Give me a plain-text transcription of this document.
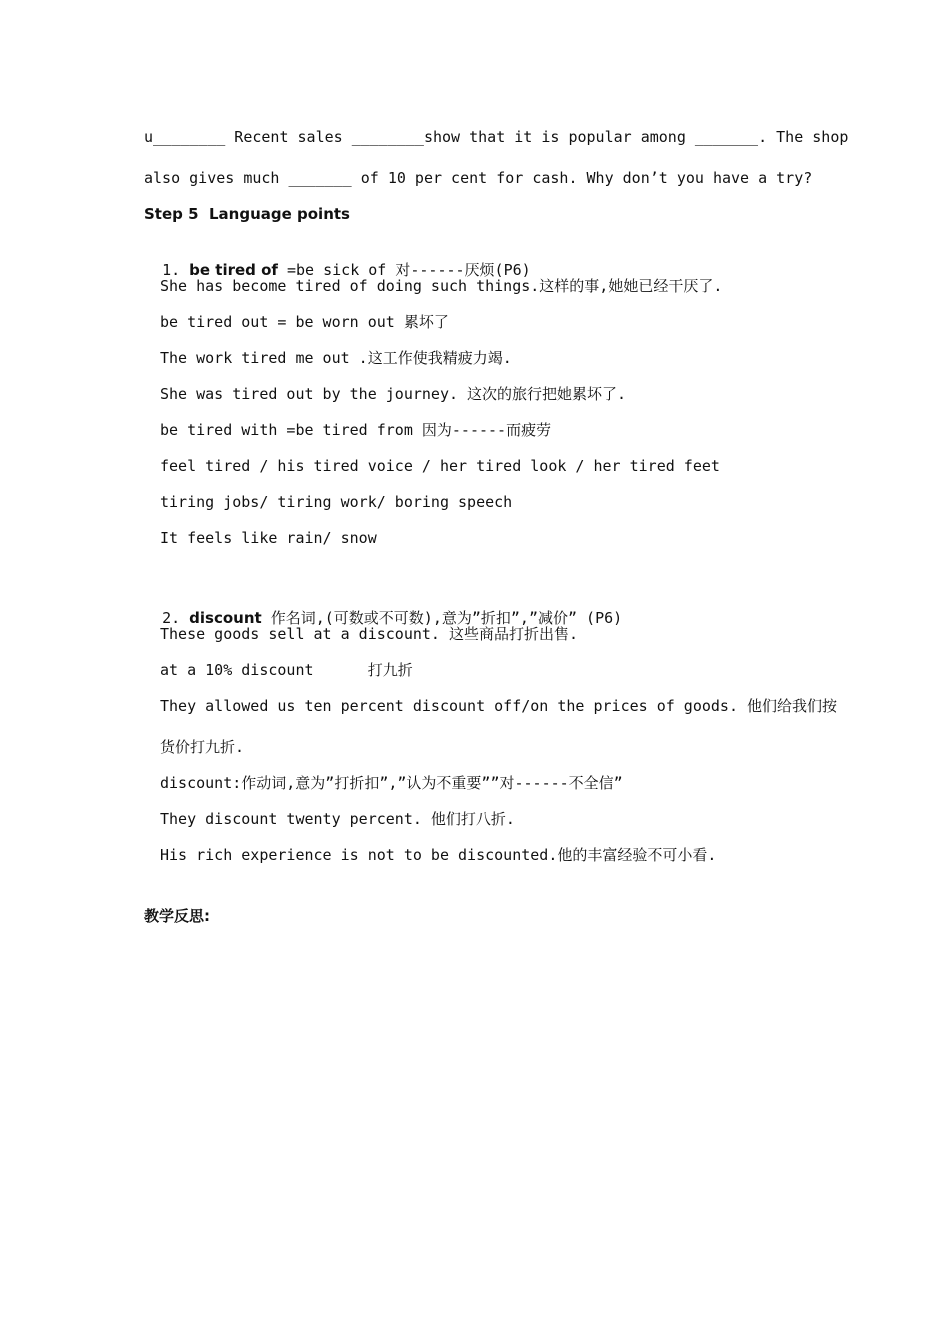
u________ Recent sales ________show that it is popular among _______. The shop
also gives much _______ of 10 per cent for cash. Why don’t you have a try?
Step 5  Language points

1. be tired of =be sick of 对------厌烦(P6)

She has become tired of doing such things.这样的事,她她已经干厌了.
be tired out = be worn out 累坏了
The work tired me out .这工作使我精疲力竭.
She was tired out by the journey. 这次的旅行把她累坏了.
be tired with =be tired from 因为------而疲劳
feel tired / his tired voice / her tired look / her tired feet
tiring jobs/ tiring work/ boring speech
It feels like rain/ snow

2. discount 作名词,(可数或不可数),意为”折扣”,”减价” (P6)

These goods sell at a discount. 这些商品打折出售.
at a 10% discount      打九折
They allowed us ten percent discount off/on the prices of goods. 他们给我们按
货价打九折.
discount:作动词,意为”打折扣”,”认为不重要””对------不全信”
They discount twenty percent. 他们打八折.
His rich experience is not to be discounted.他的丰富经验不可小看.
教学反思:
